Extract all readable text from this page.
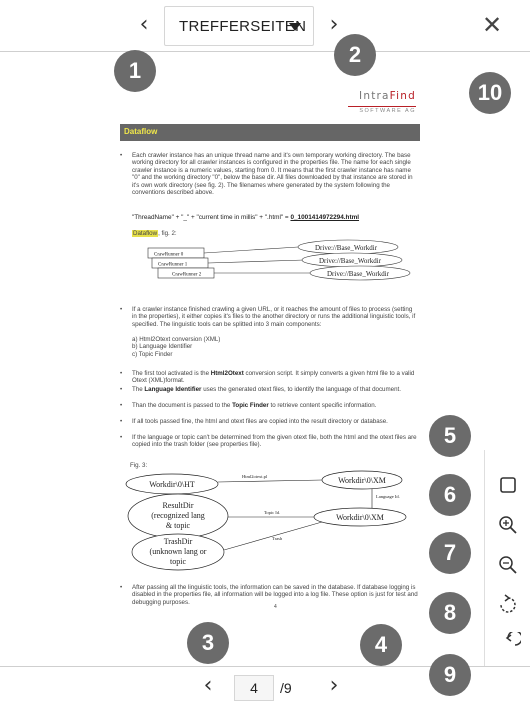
‹	TREFFERSEITEN	›	✕
IntraFind
SOFTWARE AG
Dataflow
• Each crawler instance has an unique thread name and it's own temporary working directory. The base working directory for all crawler instances is configured in the properties file. The name for each single crawler instance is a numeric values, starting from 0. It means that the first crawler instance has name "0" and the working directory "0", below the base dir. All files downloaded by that instance are stored in it's own work directory (see fig. 2). The filenames where generated by the system following the conventions described above.
"ThreadName" + "_" + "current time in millis" + ".html" = 0_1001414972294.html
Dataflow, fig. 2:
CrawRunner 0
CrawRunner 1
CrawRunner 2
Drive://Base_Workdir
Drive://Base_Workdir
Drive://Base_Workdir
• If a crawler instance finished crawling a given URL, or it reaches the amount of files to process (setting in the properties), it either copies it's files to the another directory or runs the additional linguistic tools, if specified. The linguistic tools can be splitted into 3 main components:
a) Html2Otext conversion (XML)
b) Language Identifier
c) Topic Finder
• The first tool activated is the Html2Otext conversion script. It simply converts a given html file to a valid Otext (XML)format.
• The Language Identifier uses the generated otext files, to identify the language of that document.
• Than the document is passed to the Topic Finder to retrieve content specific information.
• If all tools passed fine, the html and otext files are copied into the result directory or database.
• If the language or topic can't be determined from the given otext file, both the html and the otext files are copied into the trash folder (see properties file).
Fig. 3:
Workdir\0\HT	Workdir\0\XM
Html2otext.pl
Language Id.
ResultDir
(recognized lang
& topic
Workdir\0\XM
Topic Id.
TrashDir
(unknown lang or
topic
Trash
• After passing all the linguistic tools, the information can be saved in the database. If database logging is disabled in the properties file, all information will be logged into a log file. These option is just for test and debugging purposes.
4
‹
4	/9	›
1
2
3	4
5
6
7
8
9
10
